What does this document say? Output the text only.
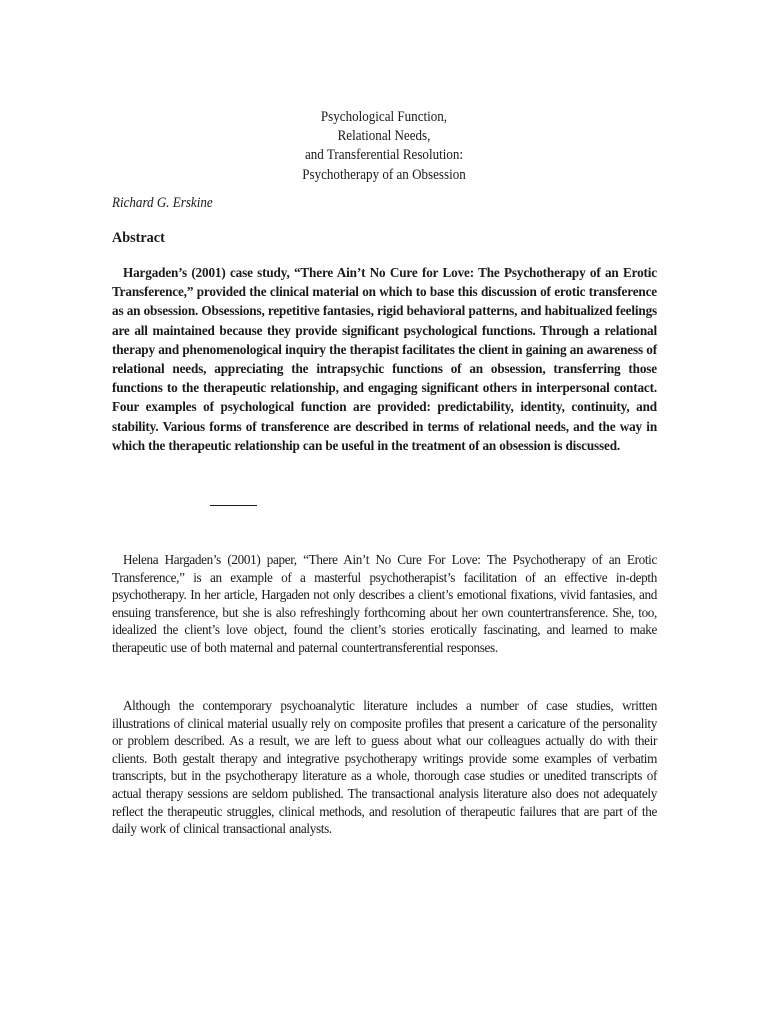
Psychological Function,
Relational Needs,
and Transferential Resolution:
Psychotherapy of an Obsession
Richard G. Erskine
Abstract

Hargaden’s (2001) case study, “There Ain’t No Cure for Love: The Psychotherapy of an Erotic Transference,” provided the clinical material on which to base this discussion of erotic transference as an obsession. Obsessions, repetitive fantasies, rigid behavioral patterns, and habitualized feelings are all maintained because they provide significant psychological functions. Through a relational therapy and phenomenological inquiry the therapist facilitates the client in gaining an awareness of relational needs, appreciating the intrapsychic functions of an obsession, transferring those functions to the therapeutic relationship, and engaging significant others in interpersonal contact. Four examples of psychological function are provided: predictability, identity, continuity, and stability. Various forms of transference are described in terms of relational needs, and the way in which the therapeutic relationship can be useful in the treatment of an obsession is discussed.

Helena Hargaden’s (2001) paper, “There Ain’t No Cure For Love: The Psychotherapy of an Erotic Transference,” is an example of a masterful psychotherapist’s facilitation of an effective in-depth psychotherapy. In her article, Hargaden not only describes a client’s emotional fixations, vivid fantasies, and ensuing transference, but she is also refreshingly forthcoming about her own countertransference. She, too, idealized the client’s love object, found the client’s stories erotically fascinating, and learned to make therapeutic use of both maternal and paternal countertransferential responses.

Although the contemporary psychoanalytic literature includes a number of case studies, written illustrations of clinical material usually rely on composite profiles that present a caricature of the personality or problem described. As a result, we are left to guess about what our colleagues actually do with their clients. Both gestalt therapy and integrative psychotherapy writings provide some examples of verbatim transcripts, but in the psychotherapy literature as a whole, thorough case studies or unedited transcripts of actual therapy sessions are seldom published. The transactional analysis literature also does not adequately reflect the therapeutic struggles, clinical methods, and resolution of therapeutic failures that are part of the daily work of clinical transactional analysts.
